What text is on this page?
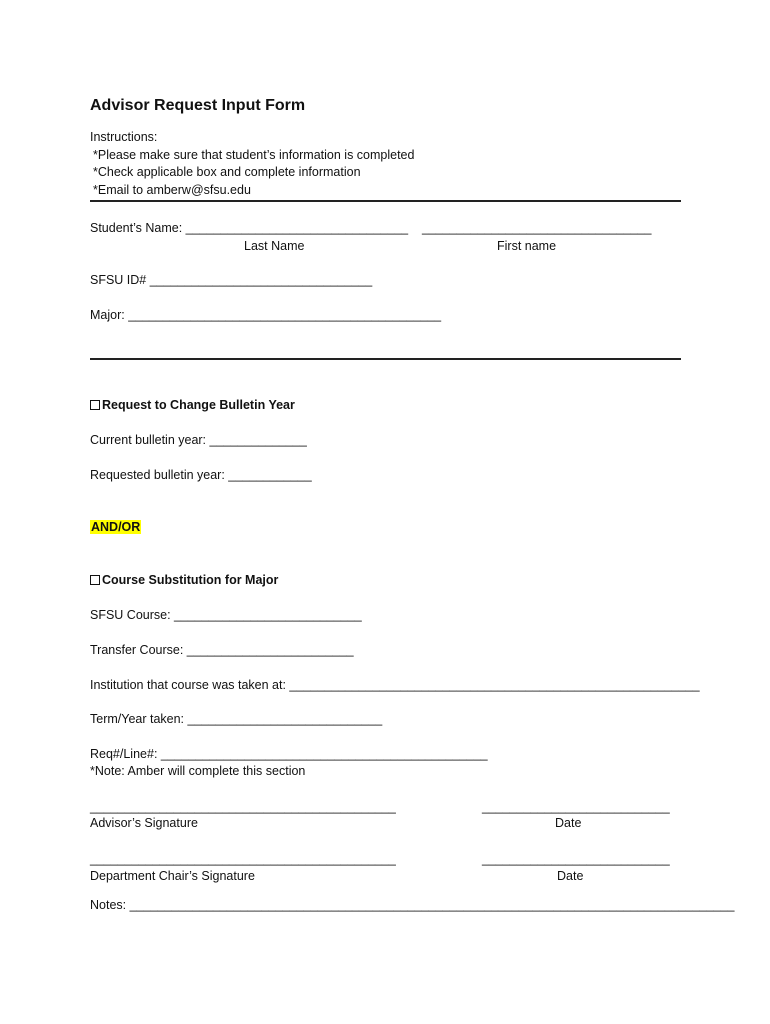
Advisor Request Input Form
Instructions:
*Please make sure that student’s information is completed
*Check applicable box and complete information
*Email to amberw@sfsu.edu
Student’s Name: ________________________________    _________________________________
Last Name	First name
SFSU ID# ________________________________
Major: _____________________________________________
Request to Change Bulletin Year
Current bulletin year: ______________
Requested bulletin year: ____________
AND/OR
Course Substitution for Major
SFSU Course: ___________________________
Transfer Course: ________________________
Institution that course was taken at: ___________________________________________________________
Term/Year taken: ____________________________
Req#/Line#: _______________________________________________
*Note: Amber will complete this section
____________________________________________	___________________________
Advisor’s Signature	Date
____________________________________________	___________________________
Department Chair’s Signature	Date
Notes: _______________________________________________________________________________________
